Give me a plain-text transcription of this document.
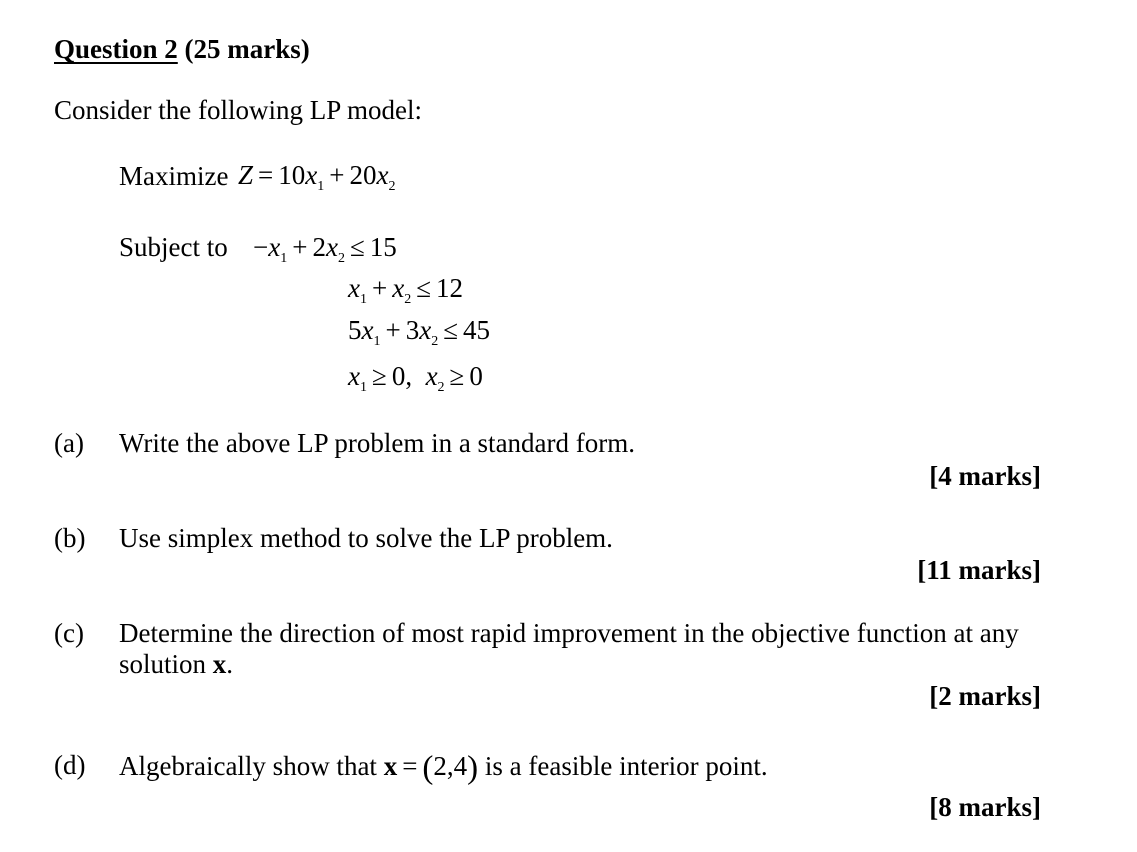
Question 2 (25 marks)
Consider the following LP model:
Maximize $Z = 10x_1 + 20x_2$
Subject to $-x_1 + 2x_2 \le 15$
$x_1 + x_2 \le 12$
$5x_1 + 3x_2 \le 45$
$x_1 \ge 0$,  $x_2 \ge 0$
(a) Write the above LP problem in a standard form.
[4 marks]
(b) Use simplex method to solve the LP problem.
[11 marks]
(c) Determine the direction of most rapid improvement in the objective function at any
solution x.
[2 marks]
(d) Algebraically show that x = (2,4) is a feasible interior point.
[8 marks]
